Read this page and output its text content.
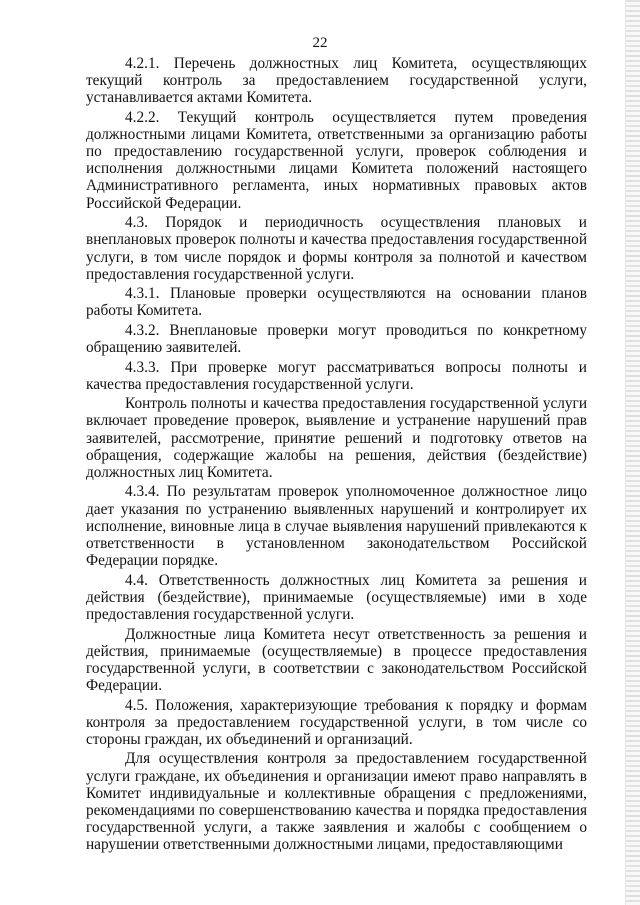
22

4.2.1. Перечень должностных лиц Комитета, осуществляющих текущий контроль за предоставлением государственной услуги, устанавливается актами Комитета.

4.2.2. Текущий контроль осуществляется путем проведения должностными лицами Комитета, ответственными за организацию работы по предоставлению государственной услуги, проверок соблюдения и исполнения должностными лицами Комитета положений настоящего Административного регламента, иных нормативных правовых актов Российской Федерации.

4.3. Порядок и периодичность осуществления плановых и внеплановых проверок полноты и качества предоставления государственной услуги, в том числе порядок и формы контроля за полнотой и качеством предоставления государственной услуги.

4.3.1. Плановые проверки осуществляются на основании планов работы Комитета.

4.3.2. Внеплановые проверки могут проводиться по конкретному обращению заявителей.

4.3.3. При проверке могут рассматриваться вопросы полноты и качества предоставления государственной услуги.

Контроль полноты и качества предоставления государственной услуги включает проведение проверок, выявление и устранение нарушений прав заявителей, рассмотрение, принятие решений и подготовку ответов на обращения, содержащие жалобы на решения, действия (бездействие) должностных лиц Комитета.

4.3.4. По результатам проверок уполномоченное должностное лицо дает указания по устранению выявленных нарушений и контролирует их исполнение, виновные лица в случае выявления нарушений привлекаются к ответственности в установленном законодательством Российской Федерации порядке.

4.4. Ответственность должностных лиц Комитета за решения и действия (бездействие), принимаемые (осуществляемые) ими в ходе предоставления государственной услуги.

Должностные лица Комитета несут ответственность за решения и действия, принимаемые (осуществляемые) в процессе предоставления государственной услуги, в соответствии с законодательством Российской Федерации.

4.5. Положения, характеризующие требования к порядку и формам контроля за предоставлением государственной услуги, в том числе со стороны граждан, их объединений и организаций.

Для осуществления контроля за предоставлением государственной услуги граждане, их объединения и организации имеют право направлять в Комитет индивидуальные и коллективные обращения с предложениями, рекомендациями по совершенствованию качества и порядка предоставления государственной услуги, а также заявления и жалобы с сообщением о нарушении ответственными должностными лицами, предоставляющими
